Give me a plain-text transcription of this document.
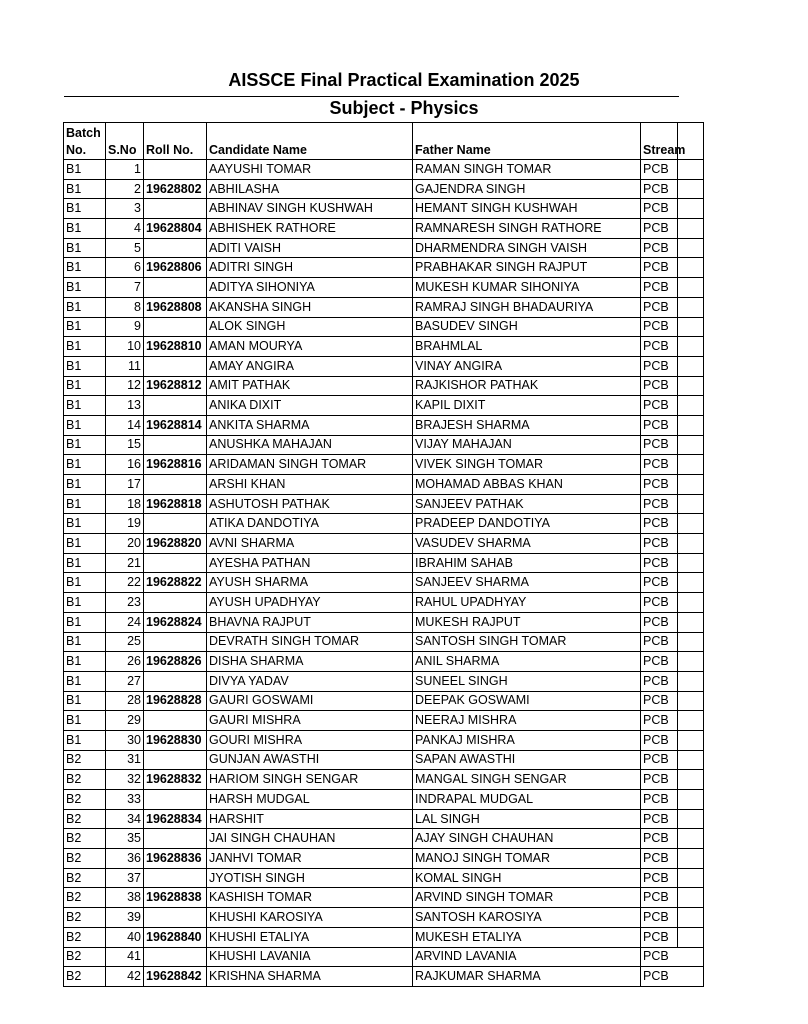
AISSCE Final Practical Examination 2025
Subject - Physics
Batch No.	S.No	Roll No.	Candidate Name	Father Name	Stream
B1	1		AAYUSHI TOMAR	RAMAN SINGH TOMAR	PCB
B1	2	19628802	ABHILASHA	GAJENDRA SINGH	PCB
B1	3		ABHINAV SINGH KUSHWAH	HEMANT SINGH KUSHWAH	PCB
B1	4	19628804	ABHISHEK RATHORE	RAMNARESH SINGH RATHORE	PCB
B1	5		ADITI VAISH	DHARMENDRA SINGH VAISH	PCB
B1	6	19628806	ADITRI SINGH	PRABHAKAR SINGH RAJPUT	PCB
B1	7		ADITYA SIHONIYA	MUKESH KUMAR SIHONIYA	PCB
B1	8	19628808	AKANSHA SINGH	RAMRAJ SINGH BHADAURIYA	PCB
B1	9		ALOK SINGH	BASUDEV SINGH	PCB
B1	10	19628810	AMAN MOURYA	BRAHMLAL	PCB
B1	11		AMAY ANGIRA	VINAY ANGIRA	PCB
B1	12	19628812	AMIT PATHAK	RAJKISHOR PATHAK	PCB
B1	13		ANIKA DIXIT	KAPIL DIXIT	PCB
B1	14	19628814	ANKITA SHARMA	BRAJESH SHARMA	PCB
B1	15		ANUSHKA MAHAJAN	VIJAY MAHAJAN	PCB
B1	16	19628816	ARIDAMAN SINGH TOMAR	VIVEK SINGH TOMAR	PCB
B1	17		ARSHI KHAN	MOHAMAD ABBAS KHAN	PCB
B1	18	19628818	ASHUTOSH PATHAK	SANJEEV PATHAK	PCB
B1	19		ATIKA DANDOTIYA	PRADEEP DANDOTIYA	PCB
B1	20	19628820	AVNI SHARMA	VASUDEV SHARMA	PCB
B1	21		AYESHA PATHAN	IBRAHIM SAHAB	PCB
B1	22	19628822	AYUSH SHARMA	SANJEEV SHARMA	PCB
B1	23		AYUSH UPADHYAY	RAHUL UPADHYAY	PCB
B1	24	19628824	BHAVNA RAJPUT	MUKESH RAJPUT	PCB
B1	25		DEVRATH SINGH TOMAR	SANTOSH SINGH TOMAR	PCB
B1	26	19628826	DISHA SHARMA	ANIL SHARMA	PCB
B1	27		DIVYA YADAV	SUNEEL SINGH	PCB
B1	28	19628828	GAURI GOSWAMI	DEEPAK GOSWAMI	PCB
B1	29		GAURI MISHRA	NEERAJ MISHRA	PCB
B1	30	19628830	GOURI MISHRA	PANKAJ MISHRA	PCB
B2	31		GUNJAN AWASTHI	SAPAN AWASTHI	PCB
B2	32	19628832	HARIOM SINGH SENGAR	MANGAL SINGH SENGAR	PCB
B2	33		HARSH MUDGAL	INDRAPAL MUDGAL	PCB
B2	34	19628834	HARSHIT	LAL SINGH	PCB
B2	35		JAI SINGH CHAUHAN	AJAY SINGH CHAUHAN	PCB
B2	36	19628836	JANHVI TOMAR	MANOJ SINGH TOMAR	PCB
B2	37		JYOTISH SINGH	KOMAL SINGH	PCB
B2	38	19628838	KASHISH TOMAR	ARVIND SINGH TOMAR	PCB
B2	39		KHUSHI KAROSIYA	SANTOSH KAROSIYA	PCB
B2	40	19628840	KHUSHI ETALIYA	MUKESH ETALIYA	PCB
B2	41		KHUSHI LAVANIA	ARVIND LAVANIA	PCB
B2	42	19628842	KRISHNA SHARMA	RAJKUMAR SHARMA	PCB
